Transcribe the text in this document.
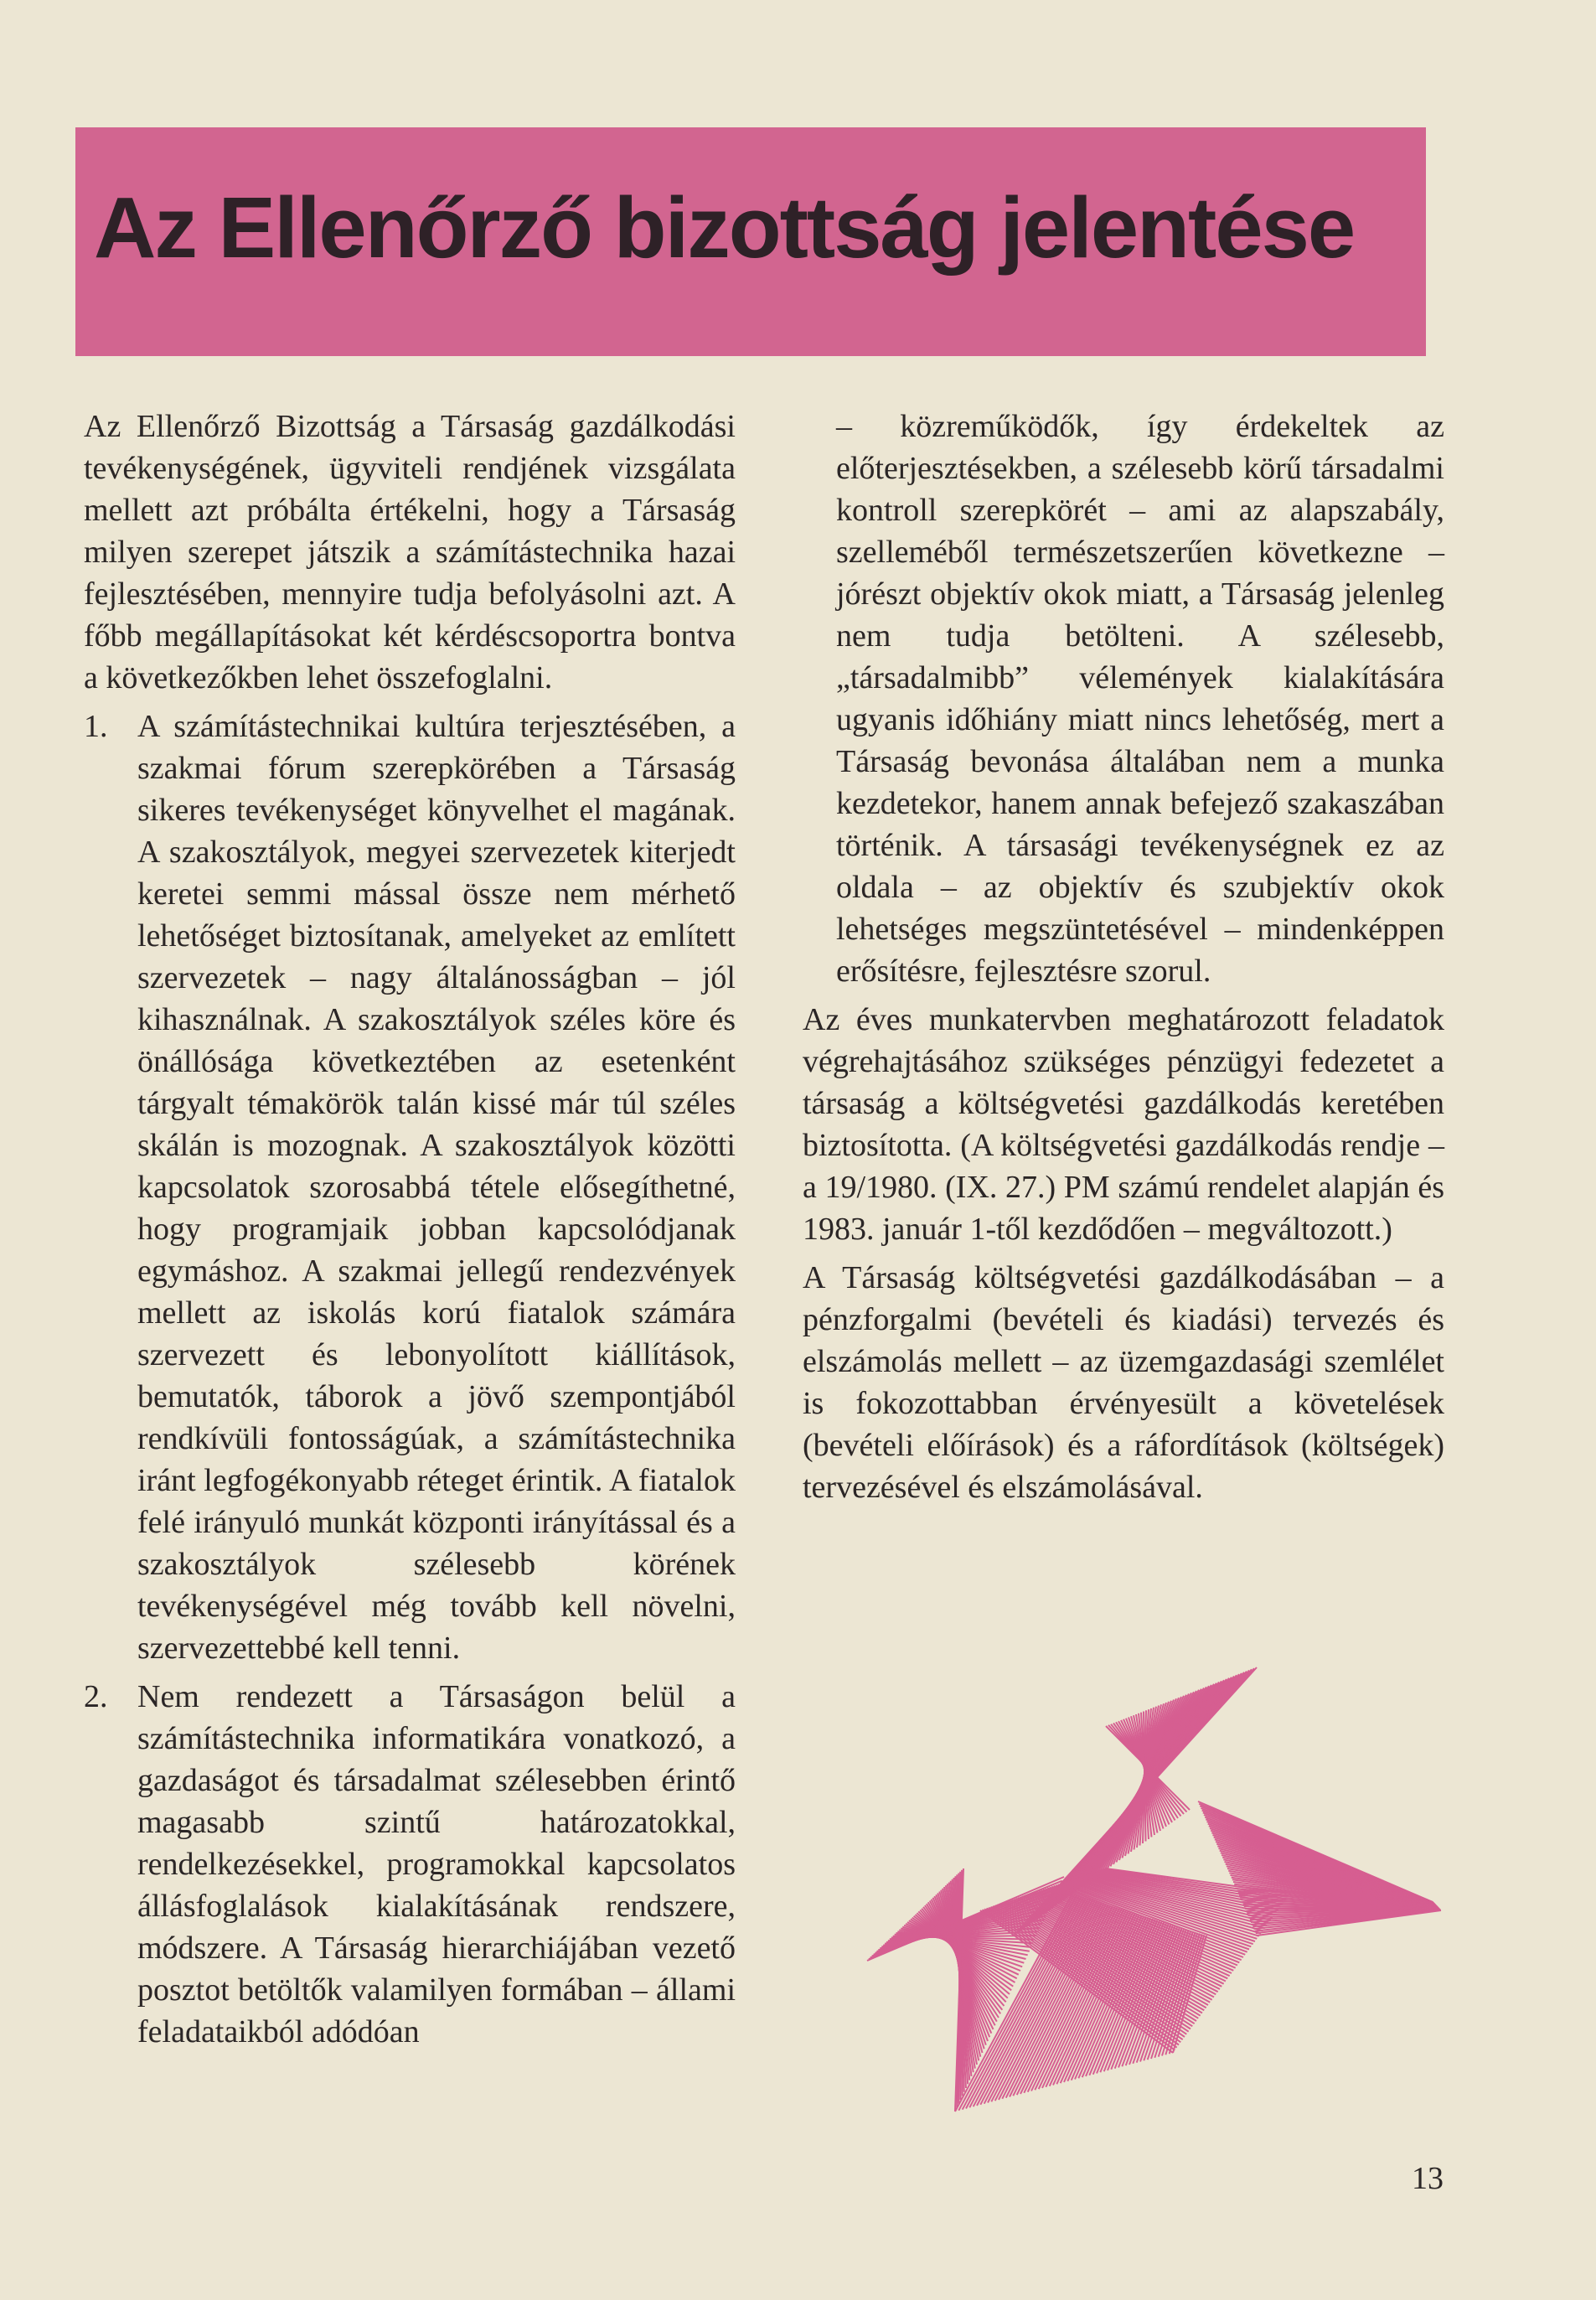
Az Ellenőrző bizottság jelentése

Az Ellenőrző Bizottság a Társaság gazdálkodási tevékenységének, ügyviteli rendjének vizsgálata mellett azt próbálta értékelni, hogy a Társaság milyen szerepet játszik a számítástechnika hazai fejlesztésében, mennyire tudja befolyásolni azt. A főbb megállapításokat két kérdéscsoportra bontva a következőkben lehet összefoglalni.

1. A számítástechnikai kultúra terjesztésében, a szakmai fórum szerepkörében a Társaság sikeres tevékenységet könyvelhet el magának. A szakosztályok, megyei szervezetek kiterjedt keretei semmi mással össze nem mérhető lehetőséget biztosítanak, amelyeket az említett szervezetek – nagy általánosságban – jól kihasználnak. A szakosztályok széles köre és önállósága következtében az esetenként tárgyalt témakörök talán kissé már túl széles skálán is mozognak. A szakosztályok közötti kapcsolatok szorosabbá tétele elősegíthetné, hogy programjaik jobban kapcsolódjanak egymáshoz. A szakmai jellegű rendezvények mellett az iskolás korú fiatalok számára szervezett és lebonyolított kiállítások, bemutatók, táborok a jövő szempontjából rendkívüli fontosságúak, a számítástechnika iránt legfogékonyabb réteget érintik. A fiatalok felé irányuló munkát központi irányítással és a szakosztályok szélesebb körének tevékenységével még tovább kell növelni, szervezettebbé kell tenni.
2. Nem rendezett a Társaságon belül a számítástechnika informatikára vonatkozó, a gazdaságot és társadalmat szélesebben érintő magasabb szintű határozatokkal, rendelkezésekkel, programokkal kapcsolatos állásfoglalások kialakításának rendszere, módszere. A Társaság hierarchiájában vezető posztot betöltők valamilyen formában – állami feladataikból adódóan

– közreműködők, így érdekeltek az előterjesztésekben, a szélesebb körű társadalmi kontroll szerepkörét – ami az alapszabály, szelleméből természetszerűen következne – jórészt objektív okok miatt, a Társaság jelenleg nem tudja betölteni. A szélesebb, „társadalmibb” vélemények kialakítására ugyanis időhiány miatt nincs lehetőség, mert a Társaság bevonása általában nem a munka kezdetekor, hanem annak befejező szakaszában történik. A társasági tevékenységnek ez az oldala – az objektív és szubjektív okok lehetséges megszüntetésével – mindenképpen erősítésre, fejlesztésre szorul.

Az éves munkatervben meghatározott feladatok végrehajtásához szükséges pénzügyi fedezetet a társaság a költségvetési gazdálkodás keretében biztosította. (A költségvetési gazdálkodás rendje – a 19/1980. (IX. 27.) PM számú rendelet alapján és 1983. január 1-től kezdődően – megváltozott.)

A Társaság költségvetési gazdálkodásában – a pénzforgalmi (bevételi és kiadási) tervezés és elszámolás mellett – az üzemgazdasági szemlélet is fokozottabban érvényesült a követelések (bevételi előírások) és a ráfordítások (költségek) tervezésével és elszámolásával.

13
